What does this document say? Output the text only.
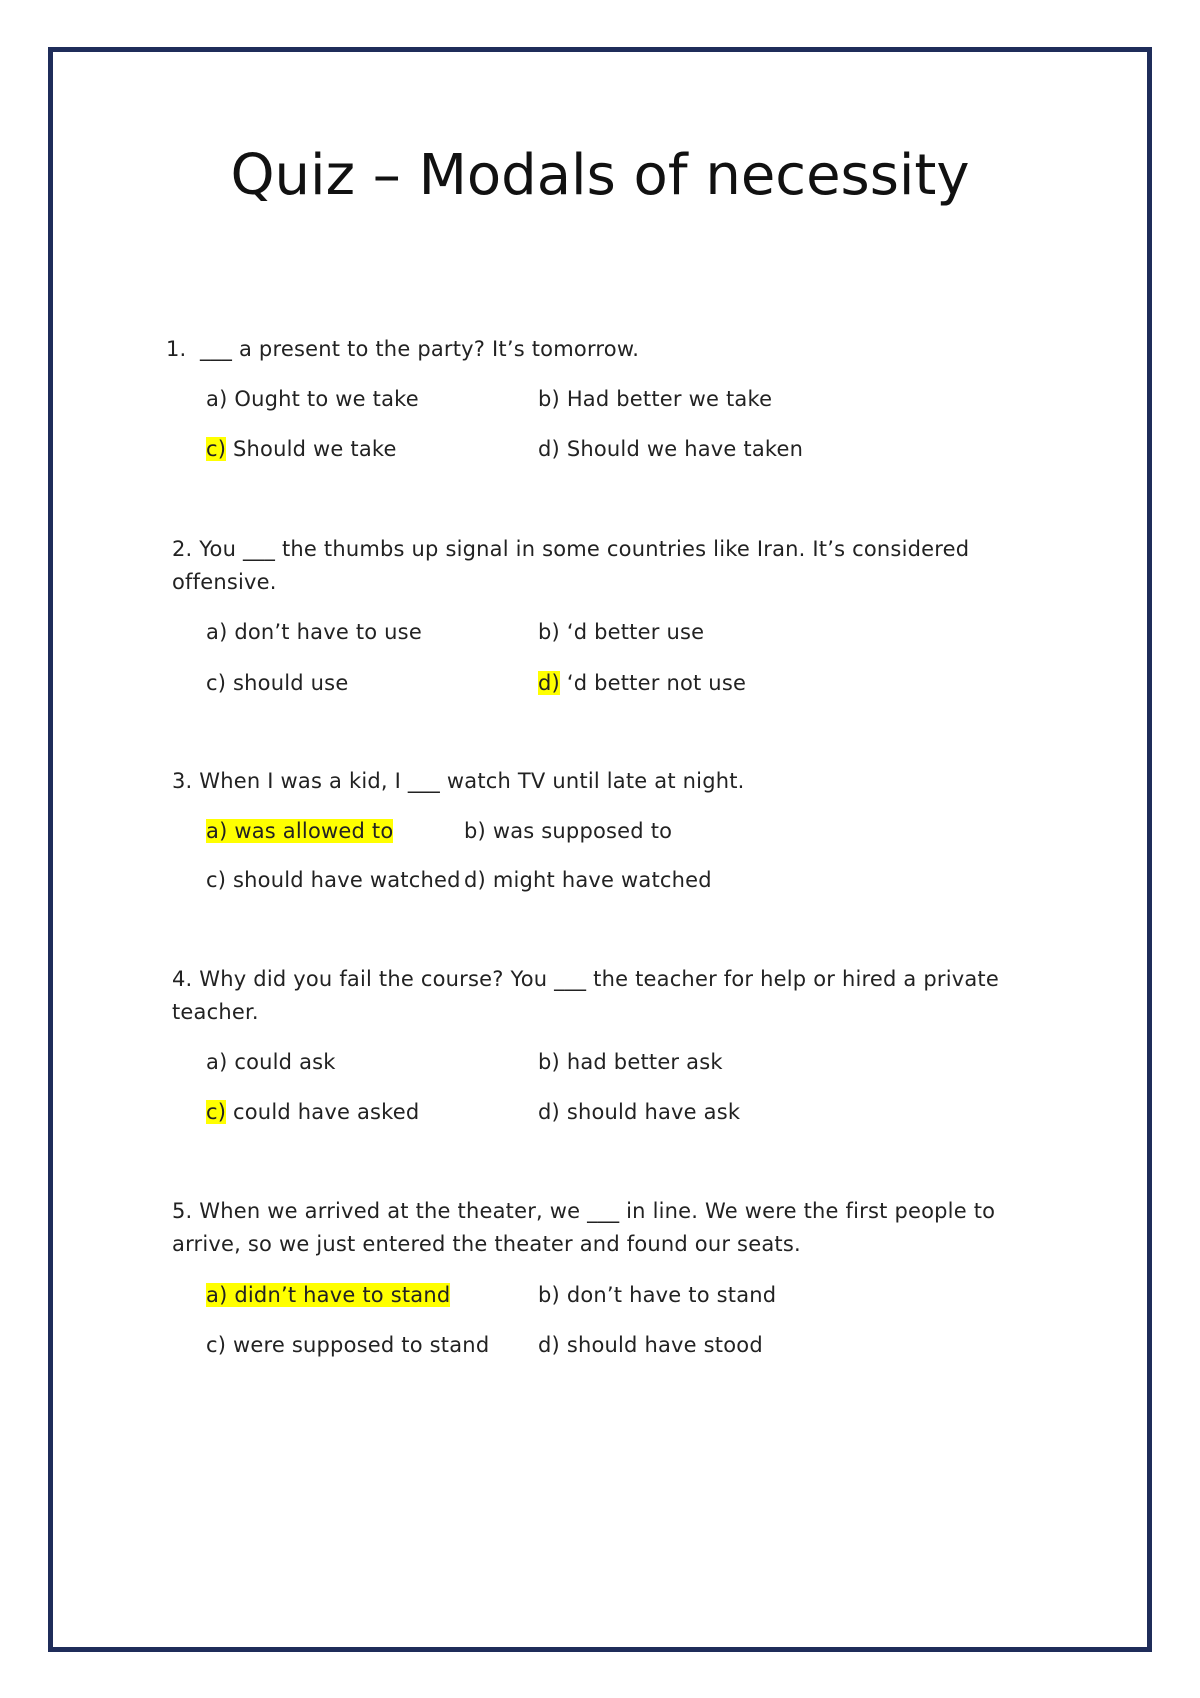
Quiz – Modals of necessity
1. ___ a present to the party? It’s tomorrow.
a) Ought to we take	b) Had better we take
c) Should we take	d) Should we have taken
2. You ___ the thumbs up signal in some countries like Iran. It’s considered
offensive.
a) don’t have to use	b) ‘d better use
c) should use	d) ‘d better not use
3. When I was a kid, I ___ watch TV until late at night.
a) was allowed to	b) was supposed to
c) should have watched d) might have watched
4. Why did you fail the course? You ___ the teacher for help or hired a private
teacher.
a) could ask	b) had better ask
c) could have asked	d) should have ask
5. When we arrived at the theater, we ___ in line. We were the first people to
arrive, so we just entered the theater and found our seats.
a) didn’t have to stand	b) don’t have to stand
c) were supposed to stand d) should have stood
